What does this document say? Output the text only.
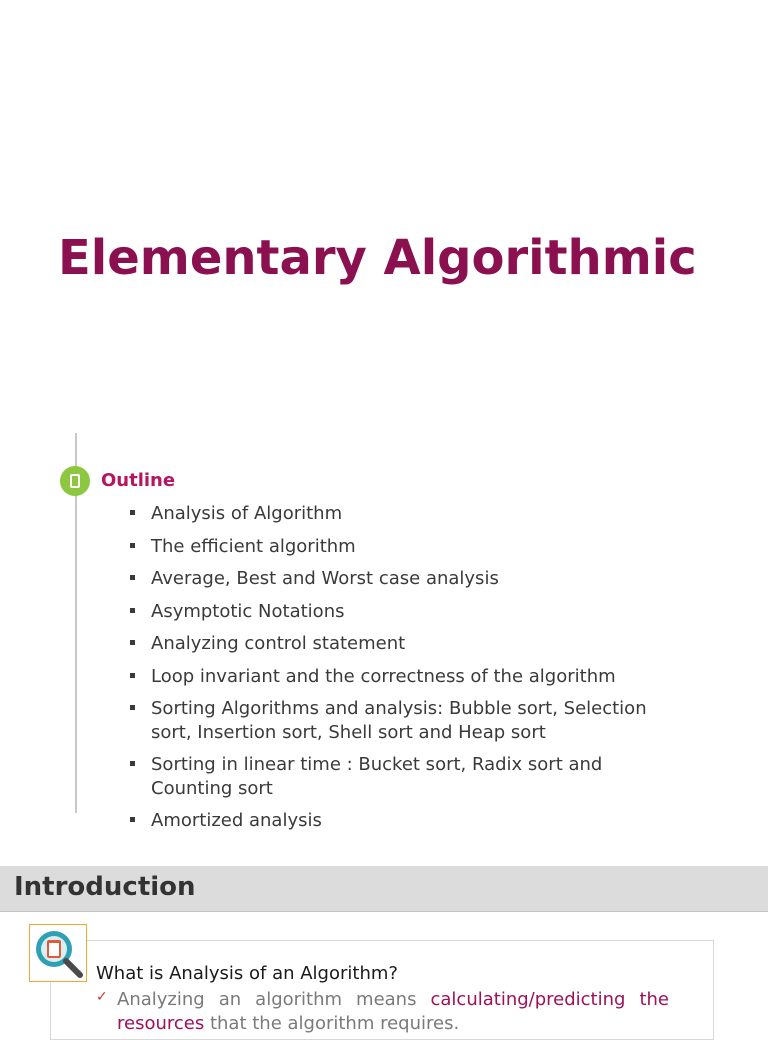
Elementary Algorithmic
Outline
Analysis of Algorithm
The efficient algorithm
Average, Best and Worst case analysis
Asymptotic Notations
Analyzing control statement
Loop invariant and the correctness of the algorithm
Sorting Algorithms and analysis: Bubble sort, Selection sort, Insertion sort, Shell sort and Heap sort
Sorting in linear time : Bucket sort, Radix sort and Counting sort
Amortized analysis
Introduction
What is Analysis of an Algorithm?
✓ Analyzing an algorithm means calculating/predicting the
resources that the algorithm requires.
